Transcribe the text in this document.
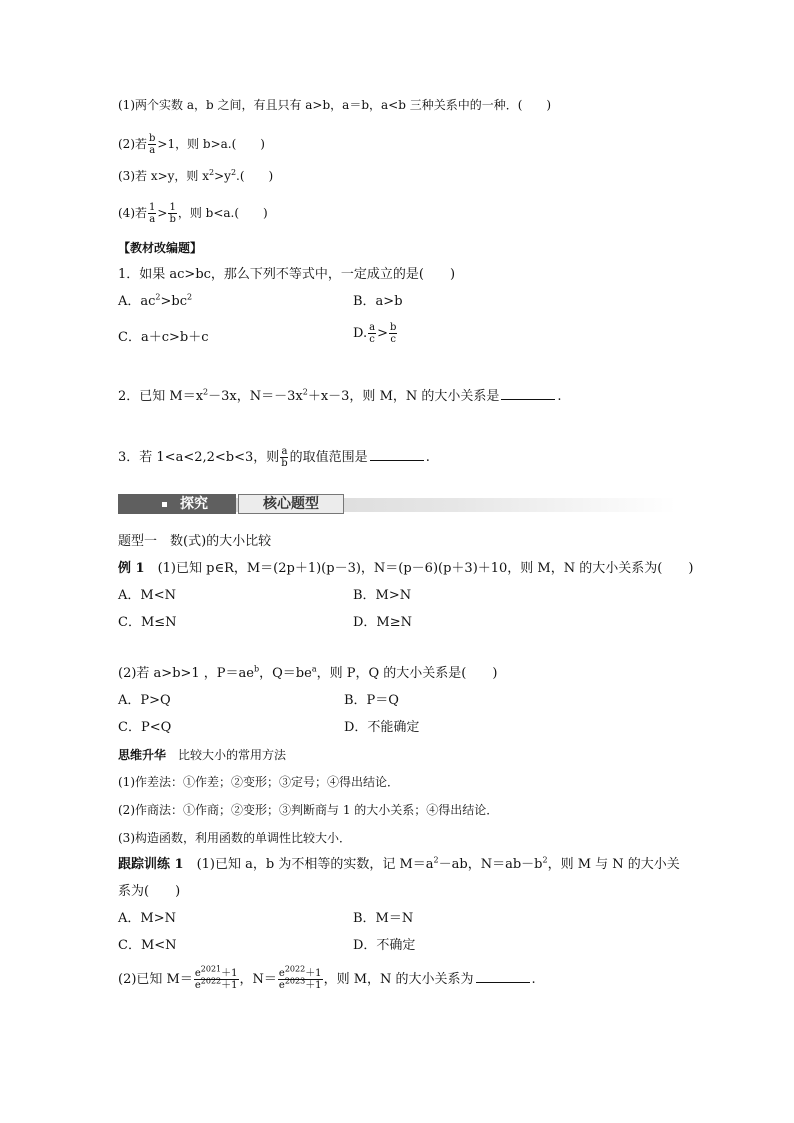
(1)两个实数 a，b 之间，有且只有 a>b，a＝b，a<b 三种关系中的一种．(　　)
(2)若 $\frac{b}{a} >1$，则 b>a.(　　)
(3)若 x>y，则 $x^2>y^2$.(　　)
(4)若 $\frac{1}{a} > \frac{1}{b}$ ，则 b<a.(　　)
【教材改编题】
1．如果 ac>bc，那么下列不等式中，一定成立的是(　　)
A．$ac^2>bc^2$	B．a>b
C．a＋c>b＋c	D. $\frac{a}{c} > \frac{b}{c}$
2．已知 $M=x^2-3x$，$N=-3x^2+x-3$，则 M，N 的大小关系是	.
3．若 1<a<2,2<b<3，则 $\frac{a}{b}$ 的取值范围是	.
探究	核心题型
题型一　数(式)的大小比较
例 1　(1)已知 p∈R，M＝(2p＋1)(p－3)，N＝(p－6)(p＋3)＋10，则 M，N 的大小关系为(　　)
A．M<N	B．M>N
C．M≤N	D．M≥N
(2)若 a>b>1 ，$P=ae^b$，$Q=be^a$，则 P，Q 的大小关系是(　　)
A．P>Q	B．P＝Q
C．P<Q	D．不能确定
思维升华 比较大小的常用方法
(1)作差法：①作差；②变形；③定号；④得出结论．
(2)作商法：①作商；②变形；③判断商与 1 的大小关系；④得出结论．
(3)构造函数，利用函数的单调性比较大小．
跟踪训练 1　(1)已知 a，b 为不相等的实数，记 $M=a^2-ab$，$N=ab-b^2$，则 M 与 N 的大小关
系为(　　)
A．M>N	B．M＝N
C．M<N	D．不确定
(2)已知 $M= \frac{e^{2021}+1}{e^{2022}+1}$ ，$N= \frac{e^{2022}+1}{e^{2023}+1}$ ，则 M，N 的大小关系为	.
